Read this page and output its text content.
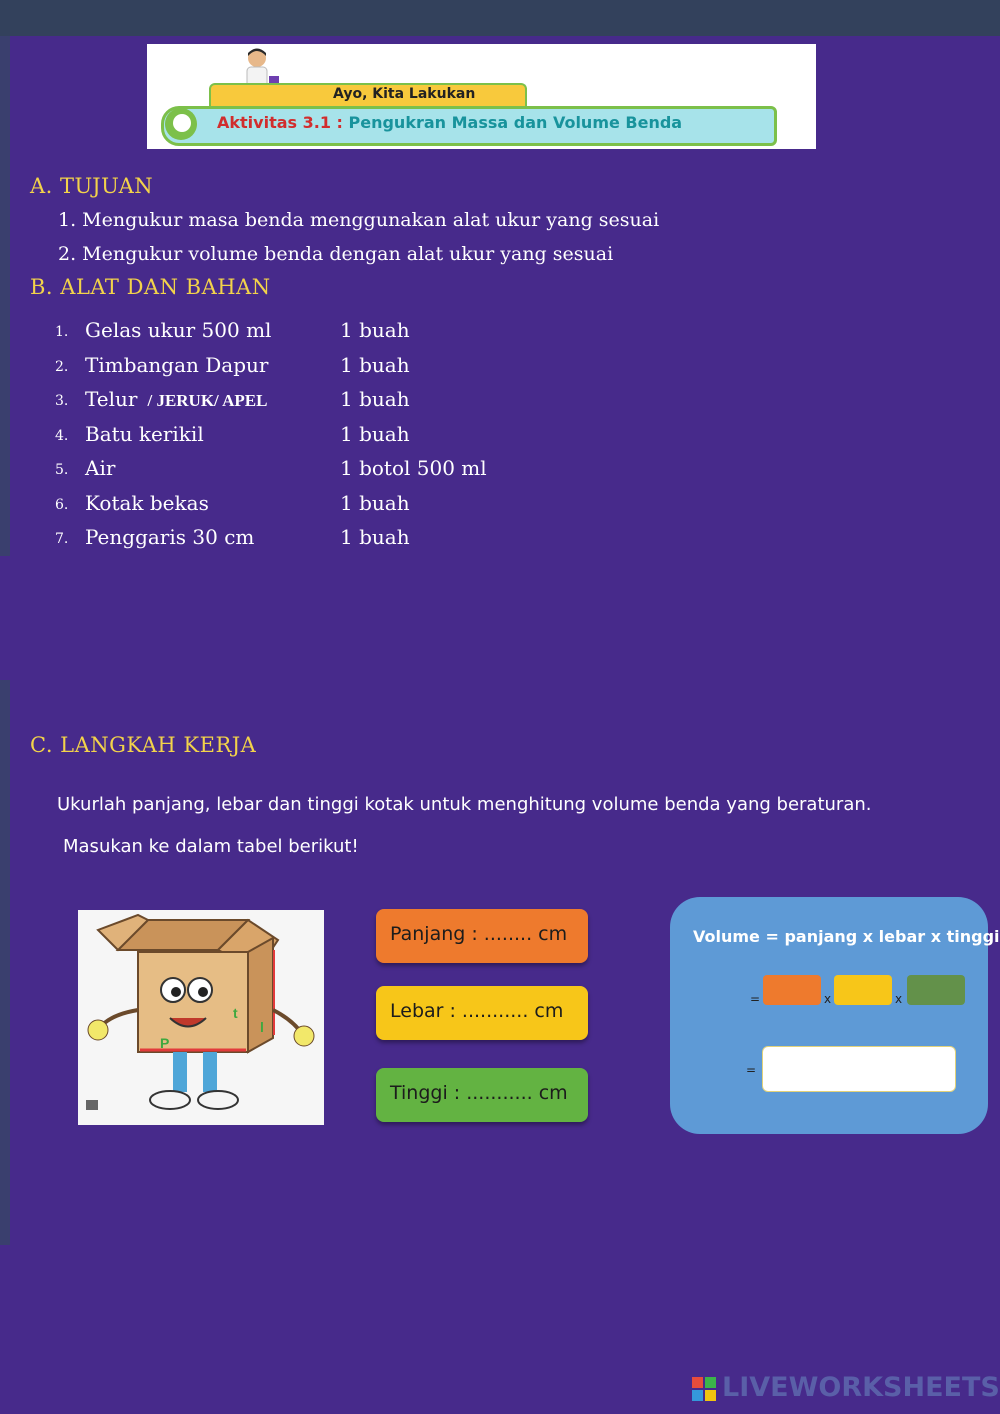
Ayo, Kita Lakukan
Aktivitas 3.1 : Pengukran Massa dan Volume Benda
A. TUJUAN
1. Mengukur masa benda menggunakan alat ukur yang sesuai
2. Mengukur volume benda dengan alat ukur yang sesuai
B. ALAT DAN BAHAN
1. Gelas ukur 500 ml	1 buah
2. Timbangan Dapur	1 buah
3. Telur / JERUK/ APEL	1 buah
4. Batu kerikil	1 buah
5. Air	1 botol 500 ml
6. Kotak bekas	1 buah
7. Penggaris 30 cm	1 buah
C. LANGKAH KERJA
Ukurlah panjang, lebar dan tinggi kotak untuk menghitung volume benda yang beraturan.
Masukan ke dalam tabel berikut!
P
l
t
Panjang : ........ cm
Lebar : ........... cm
Tinggi : ........... cm
Volume = panjang x lebar x tinggi
=	x	x
=
LIVEWORKSHEETS
